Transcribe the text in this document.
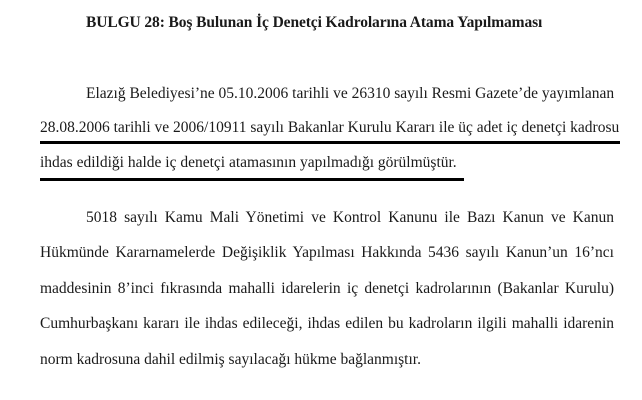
BULGU 28: Boş Bulunan İç Denetçi Kadrolarına Atama Yapılmaması
Elazığ Belediyesi’ne 05.10.2006 tarihli ve 26310 sayılı Resmi Gazete’de yayımlanan
28.08.2006 tarihli ve 2006/10911 sayılı Bakanlar Kurulu Kararı ile üç adet iç denetçi kadrosu
ihdas edildiği halde iç denetçi atamasının yapılmadığı görülmüştür.
5018 sayılı Kamu Mali Yönetimi ve Kontrol Kanunu ile Bazı Kanun ve Kanun
Hükmünde Kararnamelerde Değişiklik Yapılması Hakkında 5436 sayılı Kanun’un 16’ncı
maddesinin 8’inci fıkrasında mahalli idarelerin iç denetçi kadrolarının (Bakanlar Kurulu)
Cumhurbaşkanı kararı ile ihdas edileceği, ihdas edilen bu kadroların ilgili mahalli idarenin
norm kadrosuna dahil edilmiş sayılacağı hükme bağlanmıştır.
